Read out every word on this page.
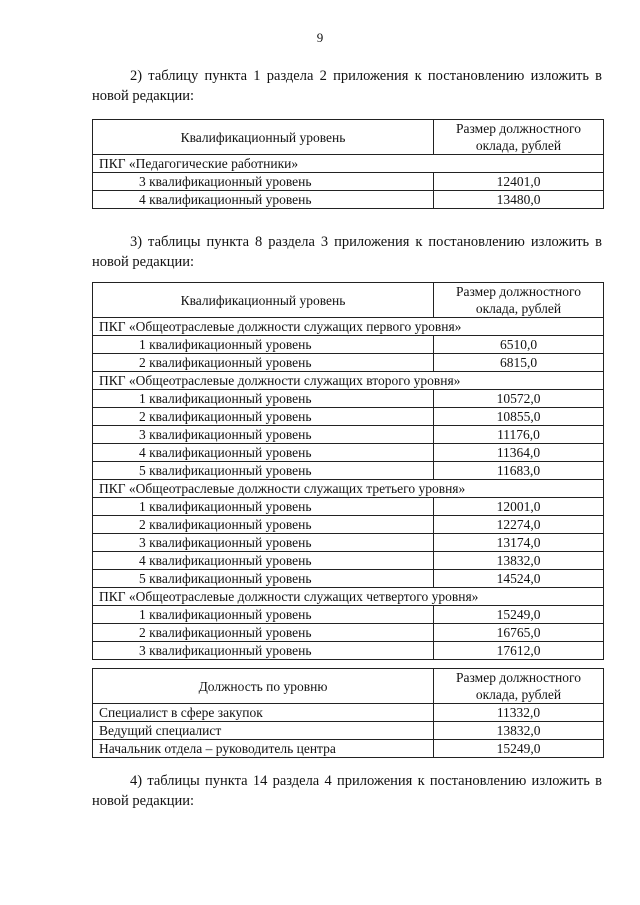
9
2) таблицу пункта 1 раздела 2 приложения к постановлению изложить в новой редакции:
Квалификационный уровень	Размер должностного оклада, рублей
ПКГ «Педагогические работники»	
3 квалификационный уровень	12401,0
4 квалификационный уровень	13480,0
3) таблицы пункта 8 раздела 3 приложения к постановлению изложить в новой редакции:
Квалификационный уровень	Размер должностного оклада, рублей
ПКГ «Общеотраслевые должности служащих первого уровня»	
1 квалификационный уровень	6510,0
2 квалификационный уровень	6815,0
ПКГ «Общеотраслевые должности служащих второго уровня»	
1 квалификационный уровень	10572,0
2 квалификационный уровень	10855,0
3 квалификационный уровень	11176,0
4 квалификационный уровень	11364,0
5 квалификационный уровень	11683,0
ПКГ «Общеотраслевые должности служащих третьего уровня»	
1 квалификационный уровень	12001,0
2 квалификационный уровень	12274,0
3 квалификационный уровень	13174,0
4 квалификационный уровень	13832,0
5 квалификационный уровень	14524,0
ПКГ «Общеотраслевые должности служащих четвертого уровня»	
1 квалификационный уровень	15249,0
2 квалификационный уровень	16765,0
3 квалификационный уровень	17612,0
Должность по уровню	Размер должностного оклада, рублей
Специалист в сфере закупок	11332,0
Ведущий специалист	13832,0
Начальник отдела – руководитель центра	15249,0
4) таблицы пункта 14 раздела 4 приложения к постановлению изложить в новой редакции:
